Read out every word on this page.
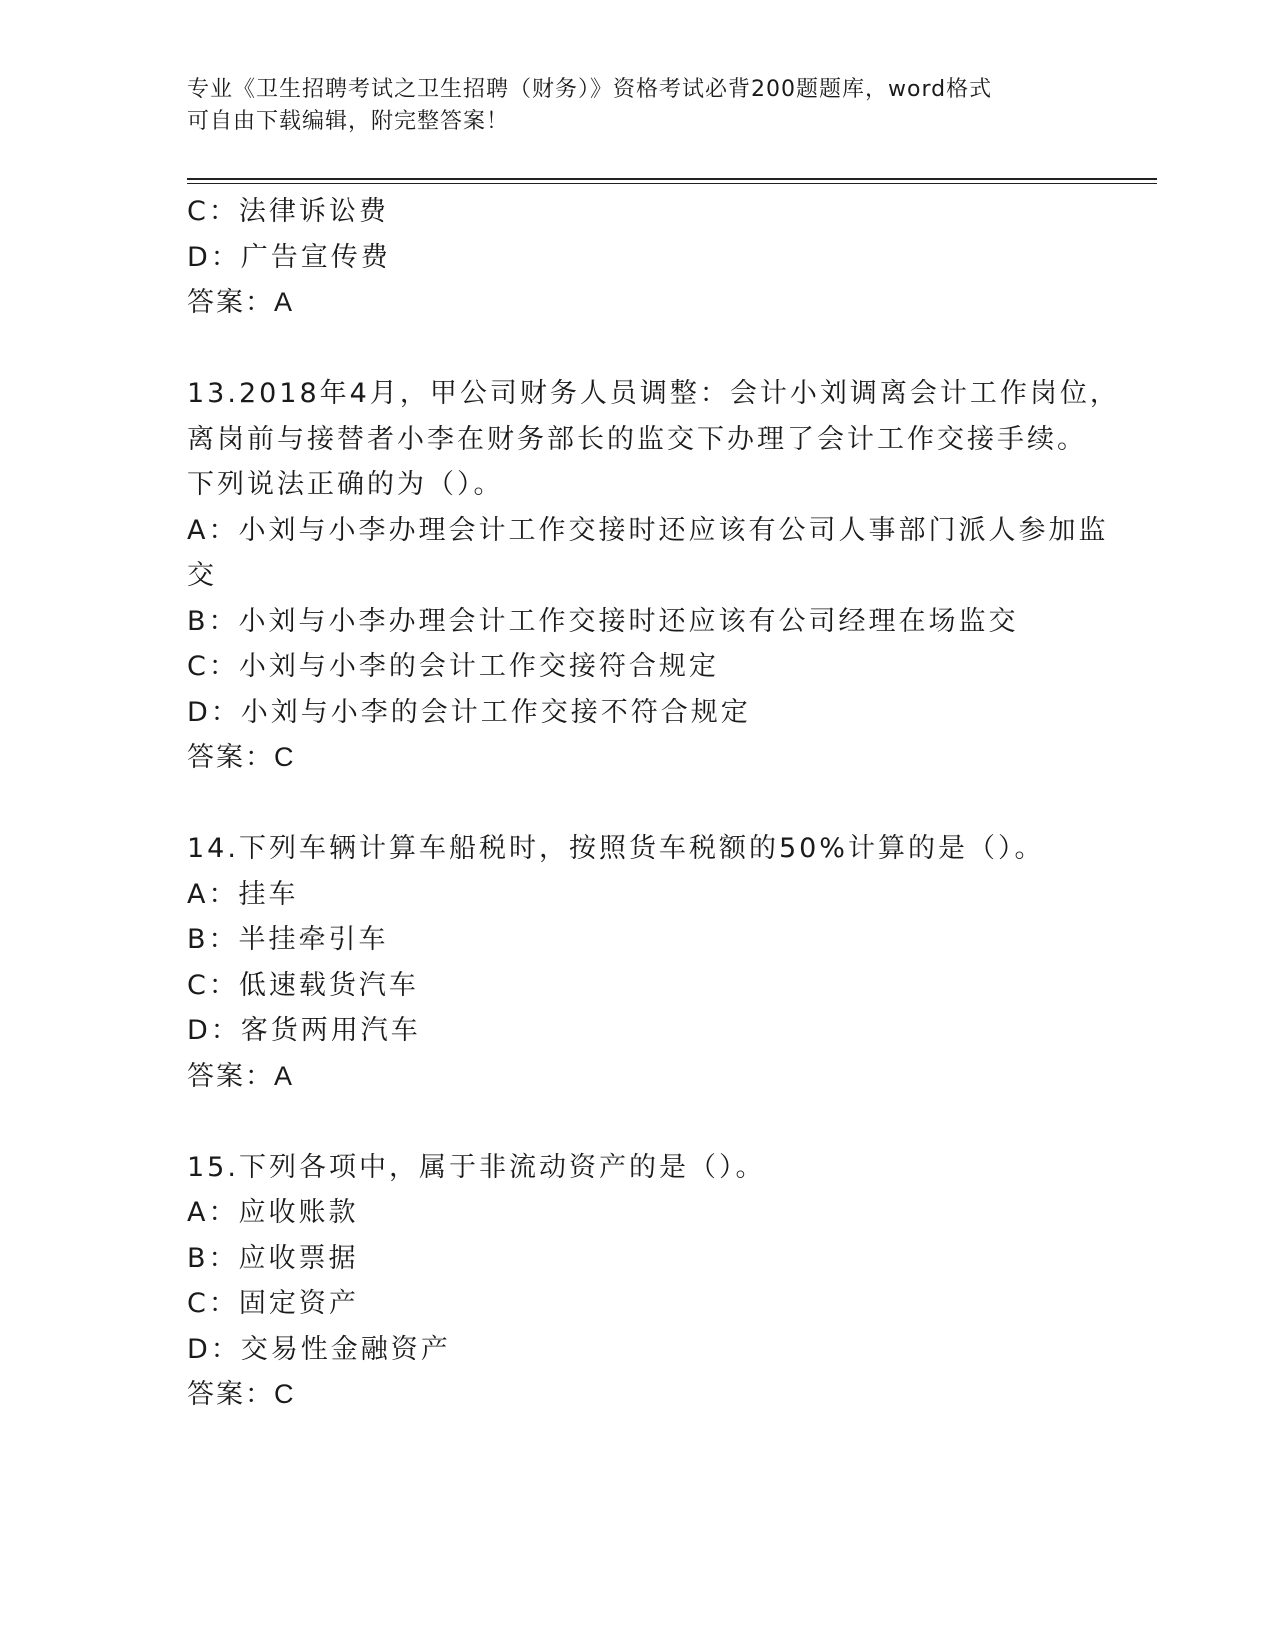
专业《卫生招聘考试之卫生招聘（财务）》资格考试必背200题题库，word格式

可自由下载编辑，附完整答案！

C：法律诉讼费

D：广告宣传费

答案：A

13.2018年4月，甲公司财务人员调整：会计小刘调离会计工作岗位，

离岗前与接替者小李在财务部长的监交下办理了会计工作交接手续。

下列说法正确的为（）。

A：小刘与小李办理会计工作交接时还应该有公司人事部门派人参加监

交

B：小刘与小李办理会计工作交接时还应该有公司经理在场监交

C：小刘与小李的会计工作交接符合规定

D：小刘与小李的会计工作交接不符合规定

答案：C

14.下列车辆计算车船税时，按照货车税额的50%计算的是（）。

A：挂车

B：半挂牵引车

C：低速载货汽车

D：客货两用汽车

答案：A

15.下列各项中，属于非流动资产的是（）。

A：应收账款

B：应收票据

C：固定资产

D：交易性金融资产

答案：C
